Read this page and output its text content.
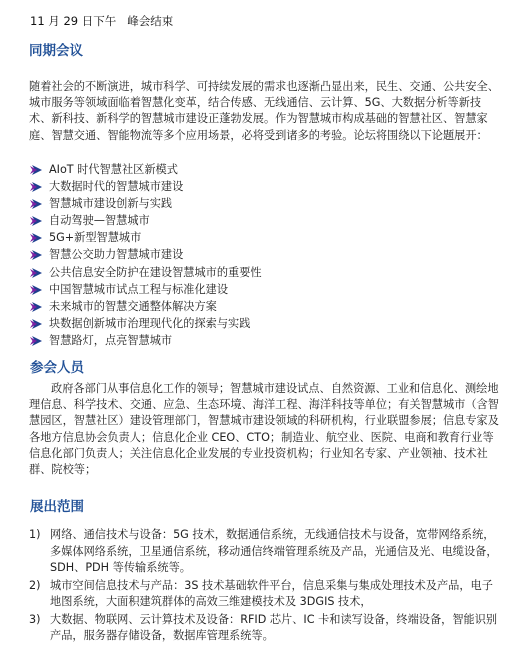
11 月 29 日下午   峰会结束
同期会议

随着社会的不断演进，城市科学、可持续发展的需求也逐渐凸显出来，民生、交通、公共安全、城市服务等领域面临着智慧化变革，结合传感、无线通信、云计算、5G、大数据分析等新技术、新科技、新科学的智慧城市建设正蓬勃发展。作为智慧城市构成基础的智慧社区、智慧家庭、智慧交通、智能物流等多个应用场景，必将受到诸多的考验。论坛将围绕以下论题展开：

AIoT 时代智慧社区新模式
大数据时代的智慧城市建设
智慧城市建设创新与实践
自动驾驶—智慧城市
5G+新型智慧城市
智慧公交助力智慧城市建设
公共信息安全防护在建设智慧城市的重要性
中国智慧城市试点工程与标准化建设
未来城市的智慧交通整体解决方案
块数据创新城市治理现代化的探索与实践
智慧路灯，点亮智慧城市
参会人员

政府各部门从事信息化工作的领导；智慧城市建设试点、自然资源、工业和信息化、测绘地理信息、科学技术、交通、应急、生态环境、海洋工程、海洋科技等单位；有关智慧城市（含智慧园区，智慧社区）建设管理部门，智慧城市建设领域的科研机构，行业联盟参展；信息专家及各地方信息协会负责人；信息化企业 CEO、CTO；制造业、航空业、医院、电商和教育行业等信息化部门负责人；关注信息化企业发展的专业投资机构；行业知名专家、产业领袖、技术社群、院校等；

展出范围
1) 网络、通信技术与设备：5G 技术，数据通信系统，无线通信技术与设备，宽带网络系统，多媒体网络系统，卫星通信系统，移动通信终端管理系统及产品，光通信及光、电缆设备，SDH、PDH 等传输系统等。
2) 城市空间信息技术与产品：3S 技术基础软件平台，信息采集与集成处理技术及产品，电子地图系统，大面积建筑群体的高效三维建模技术及 3DGIS 技术，
3) 大数据、物联网、云计算技术及设备：RFID 芯片、IC 卡和读写设备，终端设备，智能识别产品，服务器存储设备，数据库管理系统等。
